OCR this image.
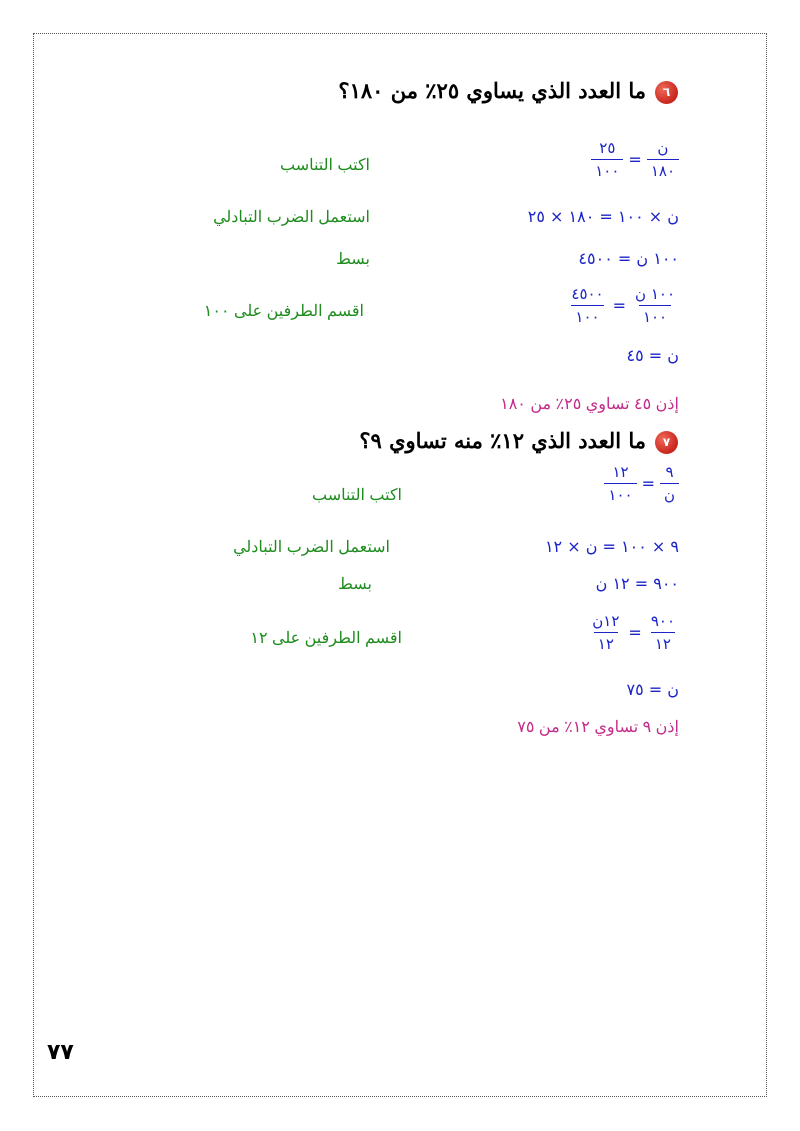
٦
ما العدد الذي يساوي ٢٥٪ من ١٨٠؟
$\frac{\text{ن}}{١٨٠}$
=
$\frac{٢٥}{١٠٠}$
اكتب التناسب
ن × ١٠٠ = ١٨٠ × ٢٥
استعمل الضرب التبادلي
١٠٠ ن = ٤٥٠٠
بسط
$\frac{\text{١٠٠ ن}}{١٠٠}$
=
$\frac{٤٥٠٠}{١٠٠}$
اقسم الطرفين على ١٠٠
ن = ٤٥
إذن ٤٥ تساوي ٢٥٪ من ١٨٠
٧
ما العدد الذي ١٢٪ منه تساوي ٩؟
$\frac{٩}{\text{ن}}$
=
$\frac{١٢}{١٠٠}$
اكتب التناسب
٩ × ١٠٠ = ن × ١٢
استعمل الضرب التبادلي
٩٠٠ = ١٢ ن
بسط
$\frac{٩٠٠}{١٢}$
=
$\frac{\text{١٢ن}}{١٢}$
اقسم الطرفين على ١٢
ن = ٧٥
إذن ٩ تساوي ١٢٪ من ٧٥
٧٧
